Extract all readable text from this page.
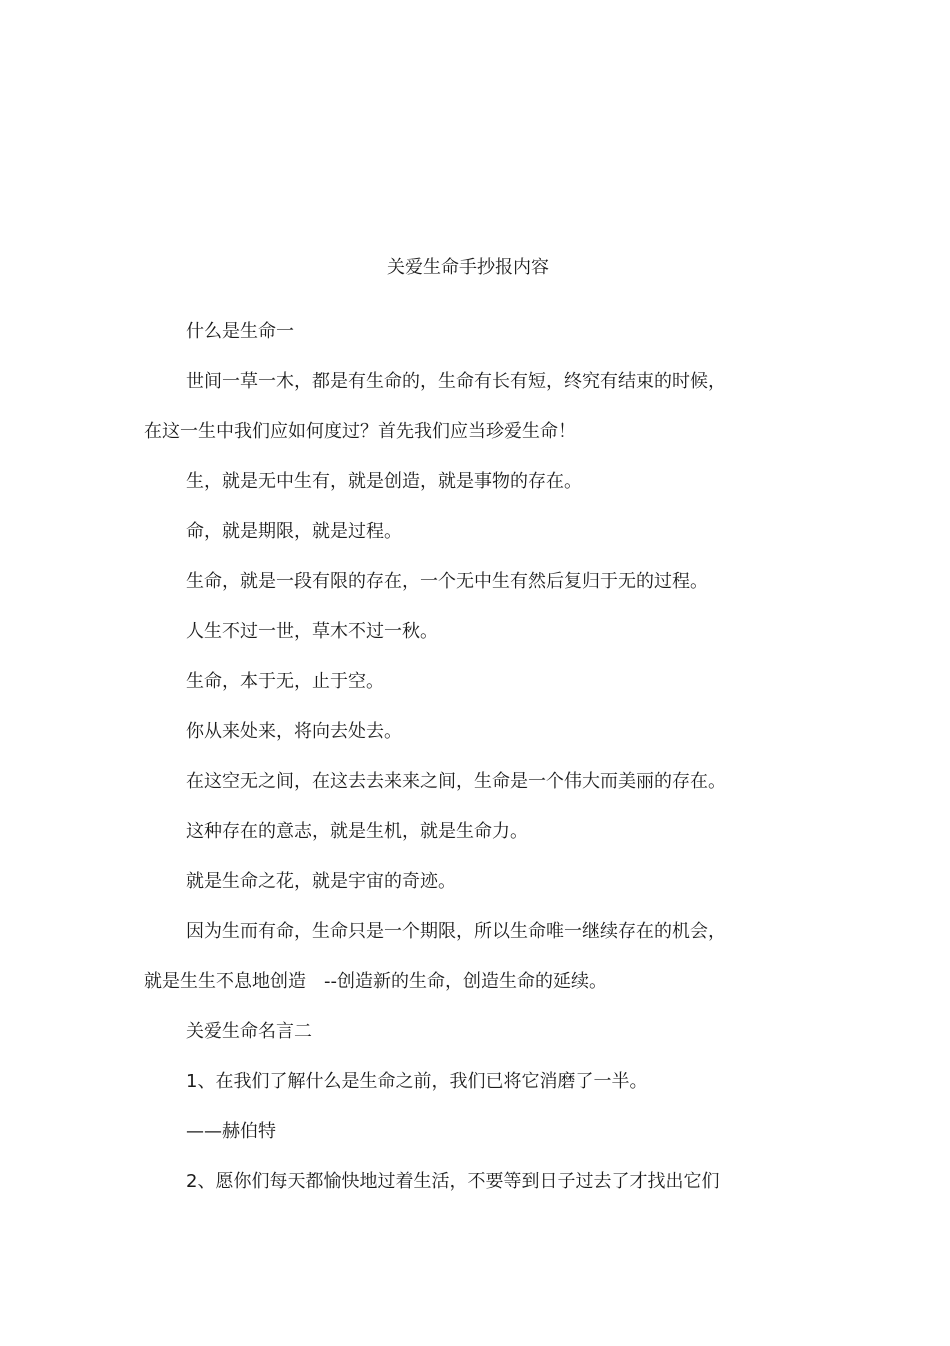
关爱生命手抄报内容

什么是生命一

世间一草一木，都是有生命的，生命有长有短，终究有结束的时候，

在这一生中我们应如何度过？首先我们应当珍爱生命！

生，就是无中生有，就是创造，就是事物的存在。

命，就是期限，就是过程。

生命，就是一段有限的存在，一个无中生有然后复归于无的过程。

人生不过一世，草木不过一秋。

生命，本于无，止于空。

你从来处来，将向去处去。

在这空无之间，在这去去来来之间，生命是一个伟大而美丽的存在。

这种存在的意志，就是生机，就是生命力。

就是生命之花，就是宇宙的奇迹。

因为生而有命，生命只是一个期限，所以生命唯一继续存在的机会，

就是生生不息地创造　--创造新的生命，创造生命的延续。

关爱生命名言二

1、在我们了解什么是生命之前，我们已将它消磨了一半。

——赫伯特

2、愿你们每天都愉快地过着生活，不要等到日子过去了才找出它们
